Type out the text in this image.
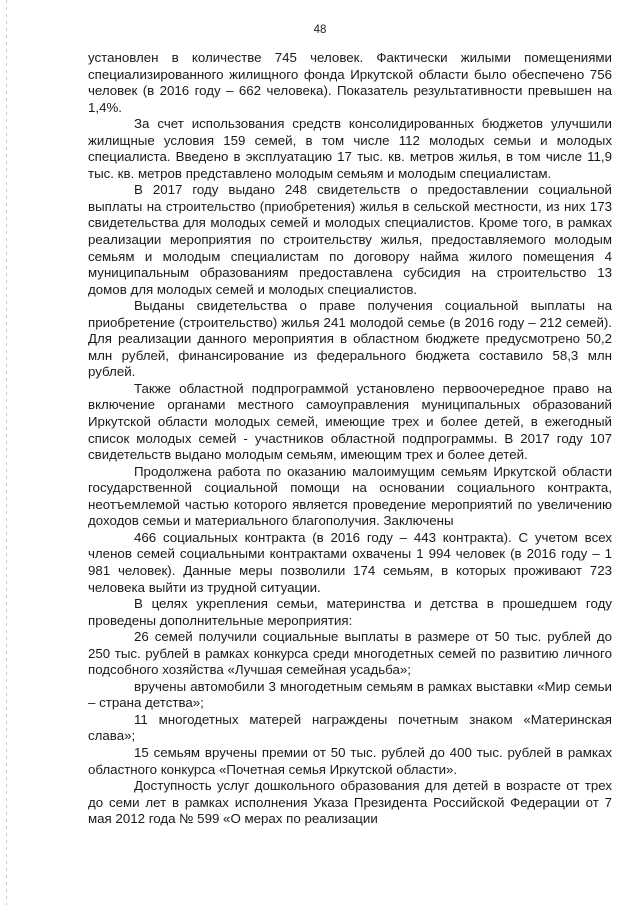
48

установлен в количестве 745 человек. Фактически жилыми помещениями специализированного жилищного фонда Иркутской области было обеспечено 756 человек (в 2016 году – 662 человека). Показатель результативности превышен на 1,4%.

За счет использования средств консолидированных бюджетов улучшили жилищные условия 159 семей, в том числе 112 молодых семьи и молодых специалиста. Введено в эксплуатацию 17 тыс. кв. метров жилья, в том числе 11,9 тыс. кв. метров представлено молодым семьям и молодым специалистам.

В 2017 году выдано 248 свидетельств о предоставлении социальной выплаты на строительство (приобретения) жилья в сельской местности, из них 173 свидетельства для молодых семей и молодых специалистов. Кроме того, в рамках реализации мероприятия по строительству жилья, предоставляемого молодым семьям и молодым специалистам по договору найма жилого помещения 4 муниципальным образованиям предоставлена субсидия на строительство 13 домов для молодых семей и молодых специалистов.

Выданы свидетельства о праве получения социальной выплаты на приобретение (строительство) жилья 241 молодой семье (в 2016 году – 212 семей). Для реализации данного мероприятия в областном бюджете предусмотрено 50,2 млн рублей, финансирование из федерального бюджета составило 58,3 млн рублей.

Также областной подпрограммой установлено первоочередное право на включение органами местного самоуправления муниципальных образований Иркутской области молодых семей, имеющие трех и более детей, в ежегодный список молодых семей - участников областной подпрограммы. В 2017 году 107 свидетельств выдано молодым семьям, имеющим трех и более детей.

Продолжена работа по оказанию малоимущим семьям Иркутской области государственной социальной помощи на основании социального контракта, неотъемлемой частью которого является проведение мероприятий по увеличению доходов семьи и материального благополучия. Заключены

466 социальных контракта (в 2016 году – 443 контракта). С учетом всех членов семей социальными контрактами охвачены 1 994 человек (в 2016 году – 1 981 человек). Данные меры позволили 174 семьям, в которых проживают 723 человека выйти из трудной ситуации.

В целях укрепления семьи, материнства и детства в прошедшем году проведены дополнительные мероприятия:

26 семей получили социальные выплаты в размере от 50 тыс. рублей до 250 тыс. рублей в рамках конкурса среди многодетных семей по развитию личного подсобного хозяйства «Лучшая семейная усадьба»;

вручены автомобили 3 многодетным семьям в рамках выставки «Мир семьи – страна детства»;

11 многодетных матерей награждены почетным знаком «Материнская слава»;

15 семьям вручены премии от 50 тыс. рублей до 400 тыс. рублей в рамках областного конкурса «Почетная семья Иркутской области».

Доступность услуг дошкольного образования для детей в возрасте от трех до семи лет в рамках исполнения Указа Президента Российской Федерации от 7 мая 2012 года № 599 «О мерах по реализации
